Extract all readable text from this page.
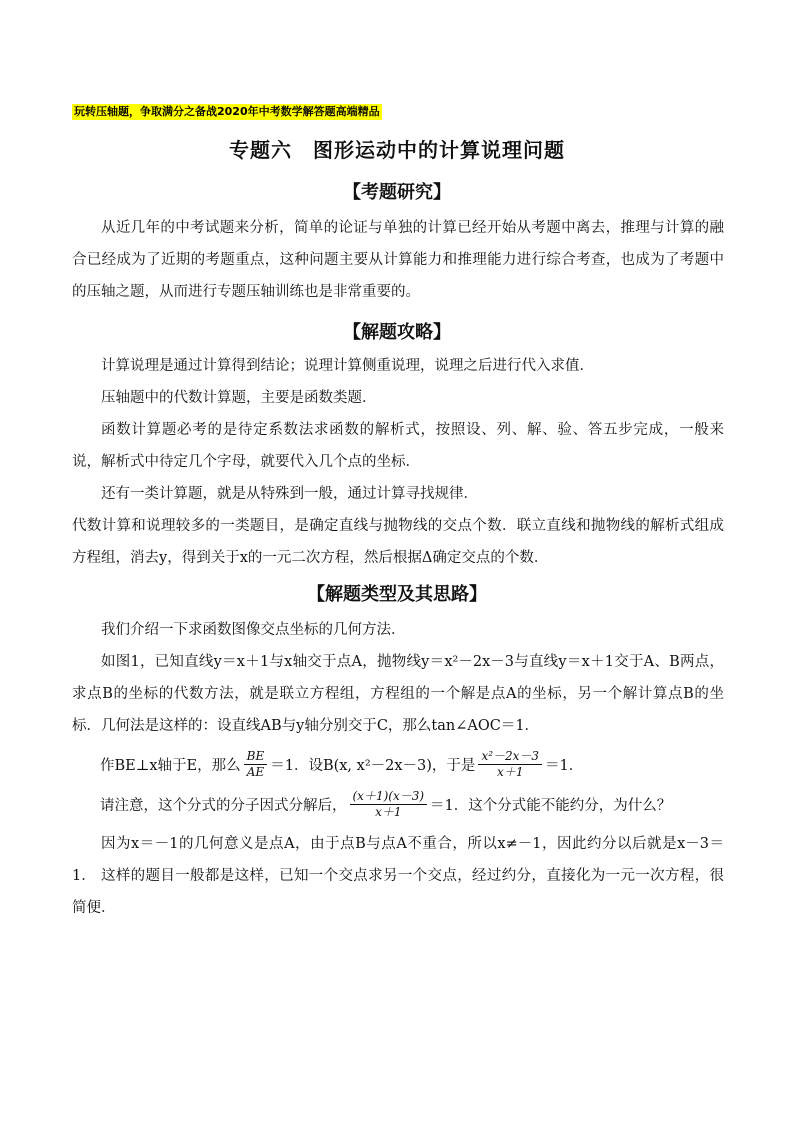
玩转压轴题，争取满分之备战2020年中考数学解答题高端精品
专题六　图形运动中的计算说理问题
【考题研究】
从近几年的中考试题来分析，简单的论证与单独的计算已经开始从考题中离去，推理与计算的融合已经成为了近期的考题重点，这种问题主要从计算能力和推理能力进行综合考查，也成为了考题中的压轴之题，从而进行专题压轴训练也是非常重要的。
【解题攻略】
计算说理是通过计算得到结论；说理计算侧重说理，说理之后进行代入求值．
压轴题中的代数计算题，主要是函数类题．
函数计算题必考的是待定系数法求函数的解析式，按照设、列、解、验、答五步完成，一般来说，解析式中待定几个字母，就要代入几个点的坐标．
还有一类计算题，就是从特殊到一般，通过计算寻找规律．
代数计算和说理较多的一类题目，是确定直线与抛物线的交点个数．联立直线和抛物线的解析式组成方程组，消去y，得到关于x的一元二次方程，然后根据Δ确定交点的个数．
【解题类型及其思路】
我们介绍一下求函数图像交点坐标的几何方法．
如图1，已知直线y＝x＋1与x轴交于点A，抛物线y＝x²－2x－3与直线y＝x＋1交于A、B两点，求点B的坐标的代数方法，就是联立方程组，方程组的一个解是点A的坐标，另一个解计算点B的坐标． 几何法是这样的：设直线AB与y轴分别交于C，那么tan∠AOC＝1．
作BE⊥x轴于E，那么 $\frac{BE}{AE} =1$．设B(x, x²－2x－3)，于是 $\frac{\text{x²－2x－3}}{x+1} =1$．
请注意，这个分式的分子因式分解后， $\frac{(x+1)(x-3)}{x+1} =1$．这个分式能不能约分，为什么？
因为x＝－1的几何意义是点A，由于点B与点A不重合，所以x≠－1，因此约分以后就是x－3＝1． 这样的题目一般都是这样，已知一个交点求另一个交点，经过约分，直接化为一元一次方程，很简便．
